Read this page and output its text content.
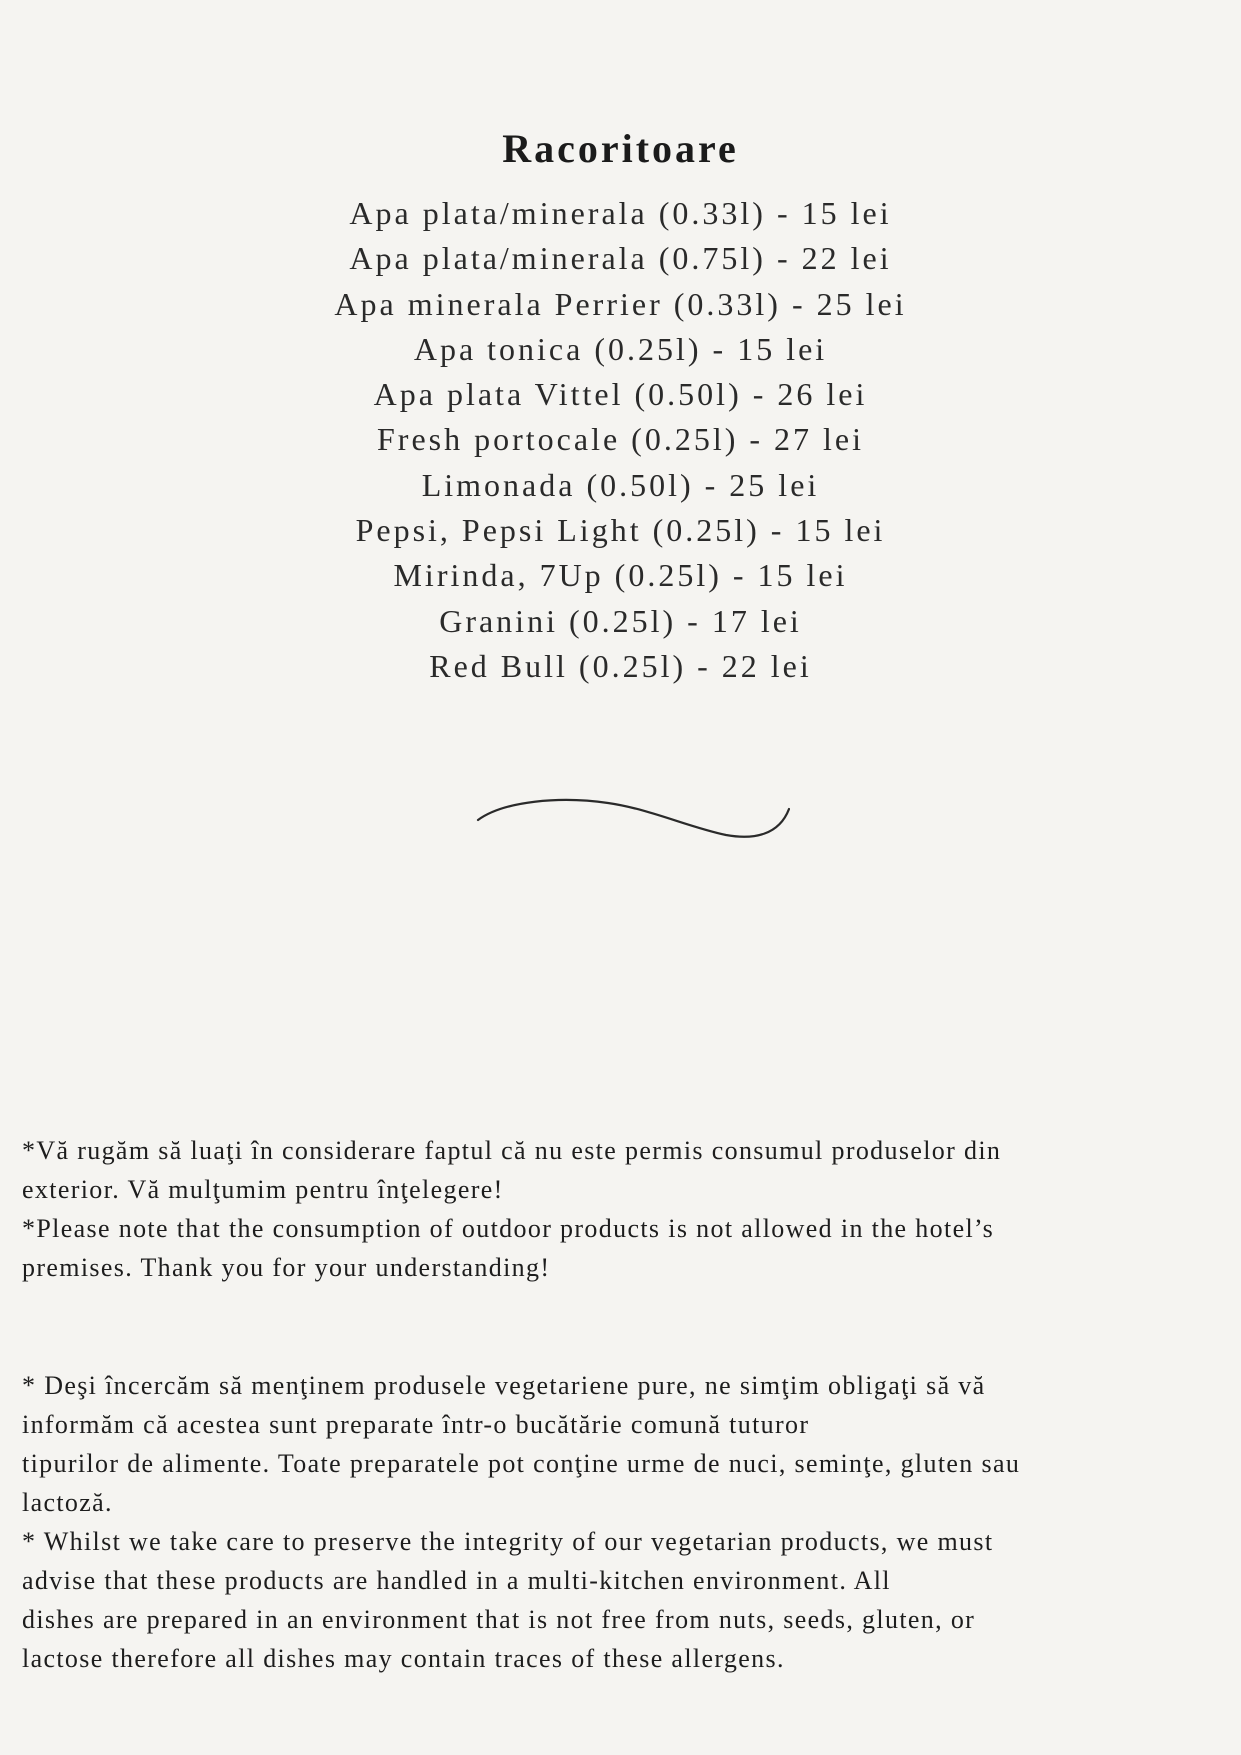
Racoritoare
Apa plata/minerala (0.33l) - 15 lei
Apa plata/minerala (0.75l) - 22 lei
Apa minerala Perrier (0.33l) - 25 lei
Apa tonica (0.25l) - 15 lei
Apa plata Vittel (0.50l) - 26 lei
Fresh portocale (0.25l) - 27 lei
Limonada (0.50l) - 25 lei
Pepsi, Pepsi Light (0.25l) - 15 lei
Mirinda, 7Up (0.25l) - 15 lei
Granini (0.25l) - 17 lei
Red Bull (0.25l) - 22 lei
*Vă rugăm să luaţi în considerare faptul că nu este permis consumul produselor din
exterior. Vă mulţumim pentru înţelegere!
*Please note that the consumption of outdoor products is not allowed in the hotel’s
premises. Thank you for your understanding!
* Deşi încercăm să menţinem produsele vegetariene pure, ne simţim obligaţi să vă
informăm că acestea sunt preparate într-o bucătărie comună tuturor
tipurilor de alimente. Toate preparatele pot conţine urme de nuci, seminţe, gluten sau
lactoză.
* Whilst we take care to preserve the integrity of our vegetarian products, we must
advise that these products are handled in a multi-kitchen environment. All
dishes are prepared in an environment that is not free from nuts, seeds, gluten, or
lactose therefore all dishes may contain traces of these allergens.
